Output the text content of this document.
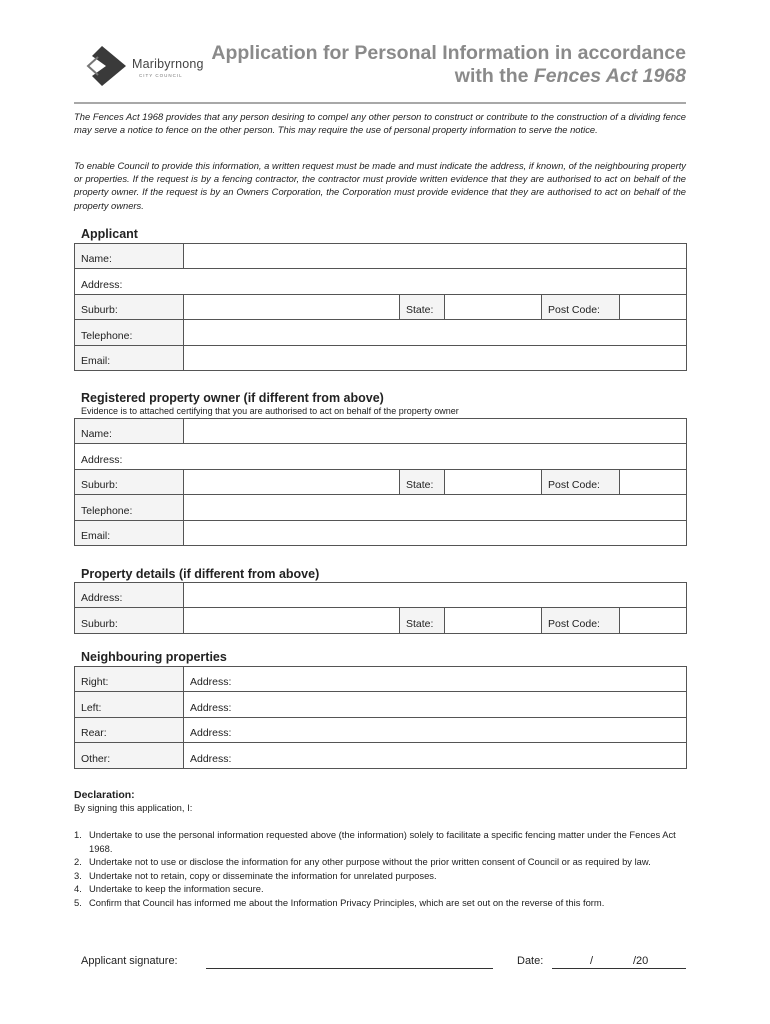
Maribyrnong
CITY COUNCIL
Application for Personal Information in accordance
with the Fences Act 1968
The Fences Act 1968 provides that any person desiring to compel any other person to construct or contribute to the construction of a dividing fence may serve a notice to fence on the other person. This may require the use of personal property information to serve the notice.
To enable Council to provide this information, a written request must be made and must indicate the address, if known, of the neighbouring property or properties. If the request is by a fencing contractor, the contractor must provide written evidence that they are authorised to act on behalf of the property owner. If the request is by an Owners Corporation, the Corporation must provide evidence that they are authorised to act on behalf of the property owners.
Applicant
Name:					
Address:					
Suburb:		State:		Post Code:	
Telephone:					
Email:					
Registered property owner (if different from above)
Evidence is to attached certifying that you are authorised to act on behalf of the property owner
Name:					
Address:					
Suburb:		State:		Post Code:	
Telephone:					
Email:					
Property details (if different from above)
Address:					
Suburb:		State:		Post Code:	
Neighbouring properties
Right:	Address:
Left:	Address:
Rear:	Address:
Other:	Address:
Declaration:
By signing this application, I:
1. Undertake to use the personal information requested above (the information) solely to facilitate a specific fencing matter under the Fences Act 1968.
2. Undertake not to use or disclose the information for any other purpose without the prior written consent of Council or as required by law.
3. Undertake not to retain, copy or disseminate the information for unrelated purposes.
4. Undertake to keep the information secure.
5. Confirm that Council has informed me about the Information Privacy Principles, which are set out on the reverse of this form.
Applicant signature:	Date:	/	/20
